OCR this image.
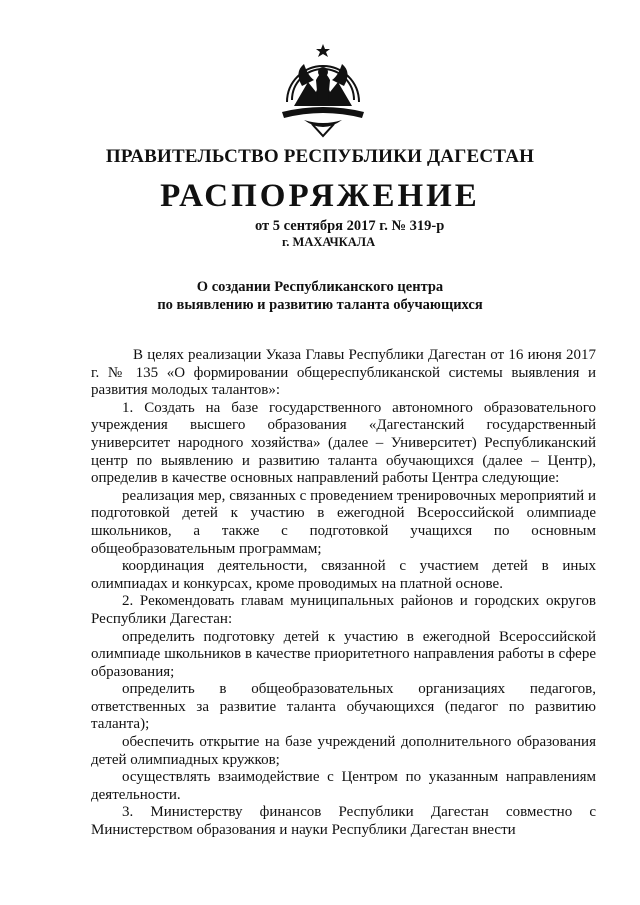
ПРАВИТЕЛЬСТВО РЕСПУБЛИКИ ДАГЕСТАН
РАСПОРЯЖЕНИЕ
от 5 сентября 2017 г. № 319-р
г. МАХАЧКАЛА
О создании Республиканского центра
по выявлению и развитию таланта обучающихся

В целях реализации Указа Главы Республики Дагестан от 16 июня 2017 г. № 135 «О формировании общереспубликанской системы выявления и развития молодых талантов»:

1. Создать на базе государственного автономного образовательного учреждения высшего образования «Дагестанский государственный университет народного хозяйства» (далее – Университет) Республиканский центр по выявлению и развитию таланта обучающихся (далее – Центр), определив в качестве основных направлений работы Центра следующие:

реализация мер, связанных с проведением тренировочных мероприятий и подготовкой детей к участию в ежегодной Всероссийской олимпиаде школьников, а также с подготовкой учащихся по основным общеобразовательным программам;

координация деятельности, связанной с участием детей в иных олимпиадах и конкурсах, кроме проводимых на платной основе.

2. Рекомендовать главам муниципальных районов и городских округов Республики Дагестан:

определить подготовку детей к участию в ежегодной Всероссийской олимпиаде школьников в качестве приоритетного направления работы в сфере образования;

определить в общеобразовательных организациях педагогов, ответственных за развитие таланта обучающихся (педагог по развитию таланта);

обеспечить открытие на базе учреждений дополнительного образования детей олимпиадных кружков;

осуществлять взаимодействие с Центром по указанным направлениям деятельности.

3. Министерству финансов Республики Дагестан совместно с Министерством образования и науки Республики Дагестан внести
